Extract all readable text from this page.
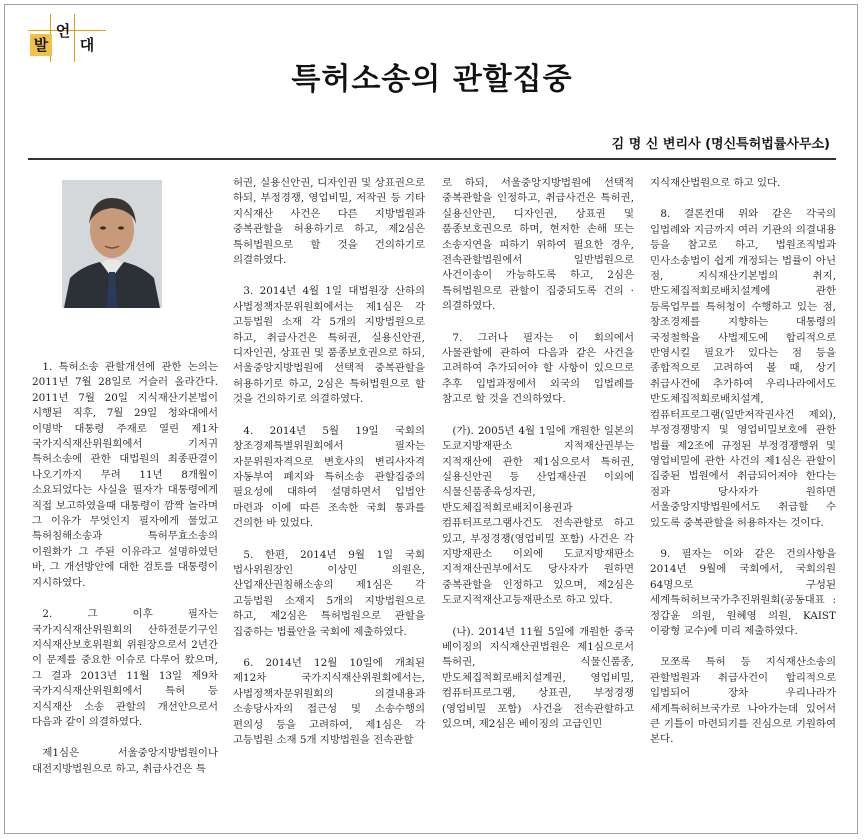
발
언
대
특허소송의 관할집중
김 명 신 변리사 (명신특허법률사무소)

1. 특허소송 관할개선에 관한 논의는 2011년 7월 28일로 거슬러 올라간다. 2011년 7월 20일 지식재산기본법이 시행된 직후, 7월 29일 청와대에서 이명박 대통령 주재로 열린 제1차 국가지식재산위원회에서 기저귀 특허소송에 관한 대법원의 최종판결이 나오기까지 무려 11년 8개월이 소요되었다는 사실을 필자가 대통령에게 직접 보고하였을때 대통령이 깜짝 놀라며 그 이유가 무엇인지 필자에게 물었고 특허침해소송과 특허무효소송의 이원화가 그 주된 이유라고 설명하였던 바, 그 개선방안에 대한 검토를 대통령이 지시하였다.

2. 그 이후 필자는 국가지식재산위원회의 산하전문기구인 지식재산보호위원회 위원장으로서 2년간 이 문제를 중요한 이슈로 다루어 왔으며, 그 결과 2013년 11월 13일 제9차 국가지식재산위원회에서 특허 등 지식재산 소송 관할의 개선안으로서 다음과 같이 의결하였다.

제1심은 서울중앙지방법원이나 대전지방법원으로 하고, 취급사건은 특

허권, 실용신안권, 디자인권 및 상표권으로 하되, 부정경쟁, 영업비밀, 저작권 등 기타 지식재산 사건은 다른 지방법원과 중복관할을 허용하기로 하고, 제2심은 특허법원으로 할 것을 건의하기로 의결하였다.

3. 2014년 4월 1일 대법원장 산하의 사법정책자문위원회에서는 제1심은 각 고등법원 소재 각 5개의 지방법원으로 하고, 취급사건은 특허권, 실용신안권, 디자인권, 상표권 및 품종보호권으로 하되, 서울중앙지방법원에 선택적 중복관할을 허용하기로 하고, 2심은 특허법원으로 할 것을 건의하기로 의결하였다.

4. 2014년 5월 19일 국회의 창조경제특별위원회에서 필자는 자문위원자격으로 변호사의 변리사자격 자동부여 폐지와 특허소송 관할집중의 필요성에 대하여 설명하면서 입법안 마련과 이에 따른 조속한 국회 통과를 건의한 바 있었다.

5. 한편, 2014년 9월 1일 국회 법사위원장인 이상민 의원은, 산업재산권침해소송의 제1심은 각 고등법원 소재지 5개의 지방법원으로 하고, 제2심은 특허법원으로 관할을 집중하는 법률안을 국회에 제출하였다.

6. 2014년 12월 10일에 개최된 제12차 국가지식재산위원회에서는, 사법정책자문위원회의 의결내용과 소송당사자의 접근성 및 소송수행의 편의성 등을 고려하여, 제1심은 각 고등법원 소재 5개 지방법원을 전속관할

로 하되, 서울중앙지방법원에 선택적 중복관할을 인정하고, 취급사건은 특허권, 실용신안권, 디자인권, 상표권 및 품종보호권으로 하며, 현저한 손해 또는 소송지연을 피하기 위하여 필요한 경우, 전속관할법원에서 일반법원으로 사건이송이 가능하도록 하고, 2심은 특허법원으로 관할이 집중되도록 건의 · 의결하였다.

7. 그러나 필자는 이 회의에서 사물관할에 관하여 다음과 같은 사건을 고려하여 추가되어야 할 사항이 있으므로 추후 입법과정에서 외국의 입법례를 참고로 할 것을 건의하였다.

(가). 2005년 4월 1일에 개원한 일본의 도쿄지방재판소 지적재산권부는 지적재산에 관한 제1심으로서 특허권, 실용신안권 등 산업재산권 이외에 식물신품종육성자권, 반도체집적회로배치이용권과 컴퓨터프로그램사건도 전속관할로 하고 있고, 부정경쟁(영업비밀 포함) 사건은 각 지방재판소 이외에 도쿄지방재판소 지적재산권부에서도 당사자가 원하면 중복관할을 인정하고 있으며, 제2심은 도쿄지적재산고등재판소로 하고 있다.

(나). 2014년 11월 5일에 개원한 중국 베이징의 지식재산권법원은 제1심으로서 특허권, 식물신품종, 반도체집적회로배치설계권, 영업비밀, 컴퓨터프로그램, 상표권, 부정경쟁(영업비밀 포함) 사건을 전속관할하고 있으며, 제2심은 베이징의 고급인민

지식재산법원으로 하고 있다.

8. 결론컨대 위와 같은 각국의 입법례와 지금까지 여러 기관의 의결내용 등을 참고로 하고, 법원조직법과 민사소송법이 쉽게 개정되는 법률이 아닌 점, 지식재산기본법의 취지, 반도체집적회로배치설계에 관한 등록업무를 특허청이 수행하고 있는 점, 창조경제를 지향하는 대통령의 국정철학을 사법제도에 합리적으로 반영시킬 필요가 있다는 점 등을 종합적으로 고려하여 볼 때, 상기 취급사건에 추가하여 우리나라에서도 반도체집적회로배치설계, 컴퓨터프로그램(일반저작권사건 제외), 부정경쟁방지 및 영업비밀보호에 관한 법률 제2조에 규정된 부정경쟁행위 및 영업비밀에 관한 사건의 제1심은 관할이 집중된 법원에서 취급되어져야 한다는 점과 당사자가 원하면 서울중앙지방법원에서도 취급할 수 있도록 중복관할을 허용하자는 것이다.

9. 필자는 이와 같은 건의사항을 2014년 9월에 국회에서, 국회의원 64명으로 구성된 세계특허허브국가추진위원회(공동대표 :정갑윤 의원, 원혜영 의원, KAIST 이광형 교수)에 미리 제출하였다.

모쪼록 특허 등 지식재산소송의 관할법원과 취급사건이 합리적으로 입법되어 장차 우리나라가 세계특허허브국가로 나아가는데 있어서 큰 기틀이 마련되기를 진심으로 기원하여 본다.
